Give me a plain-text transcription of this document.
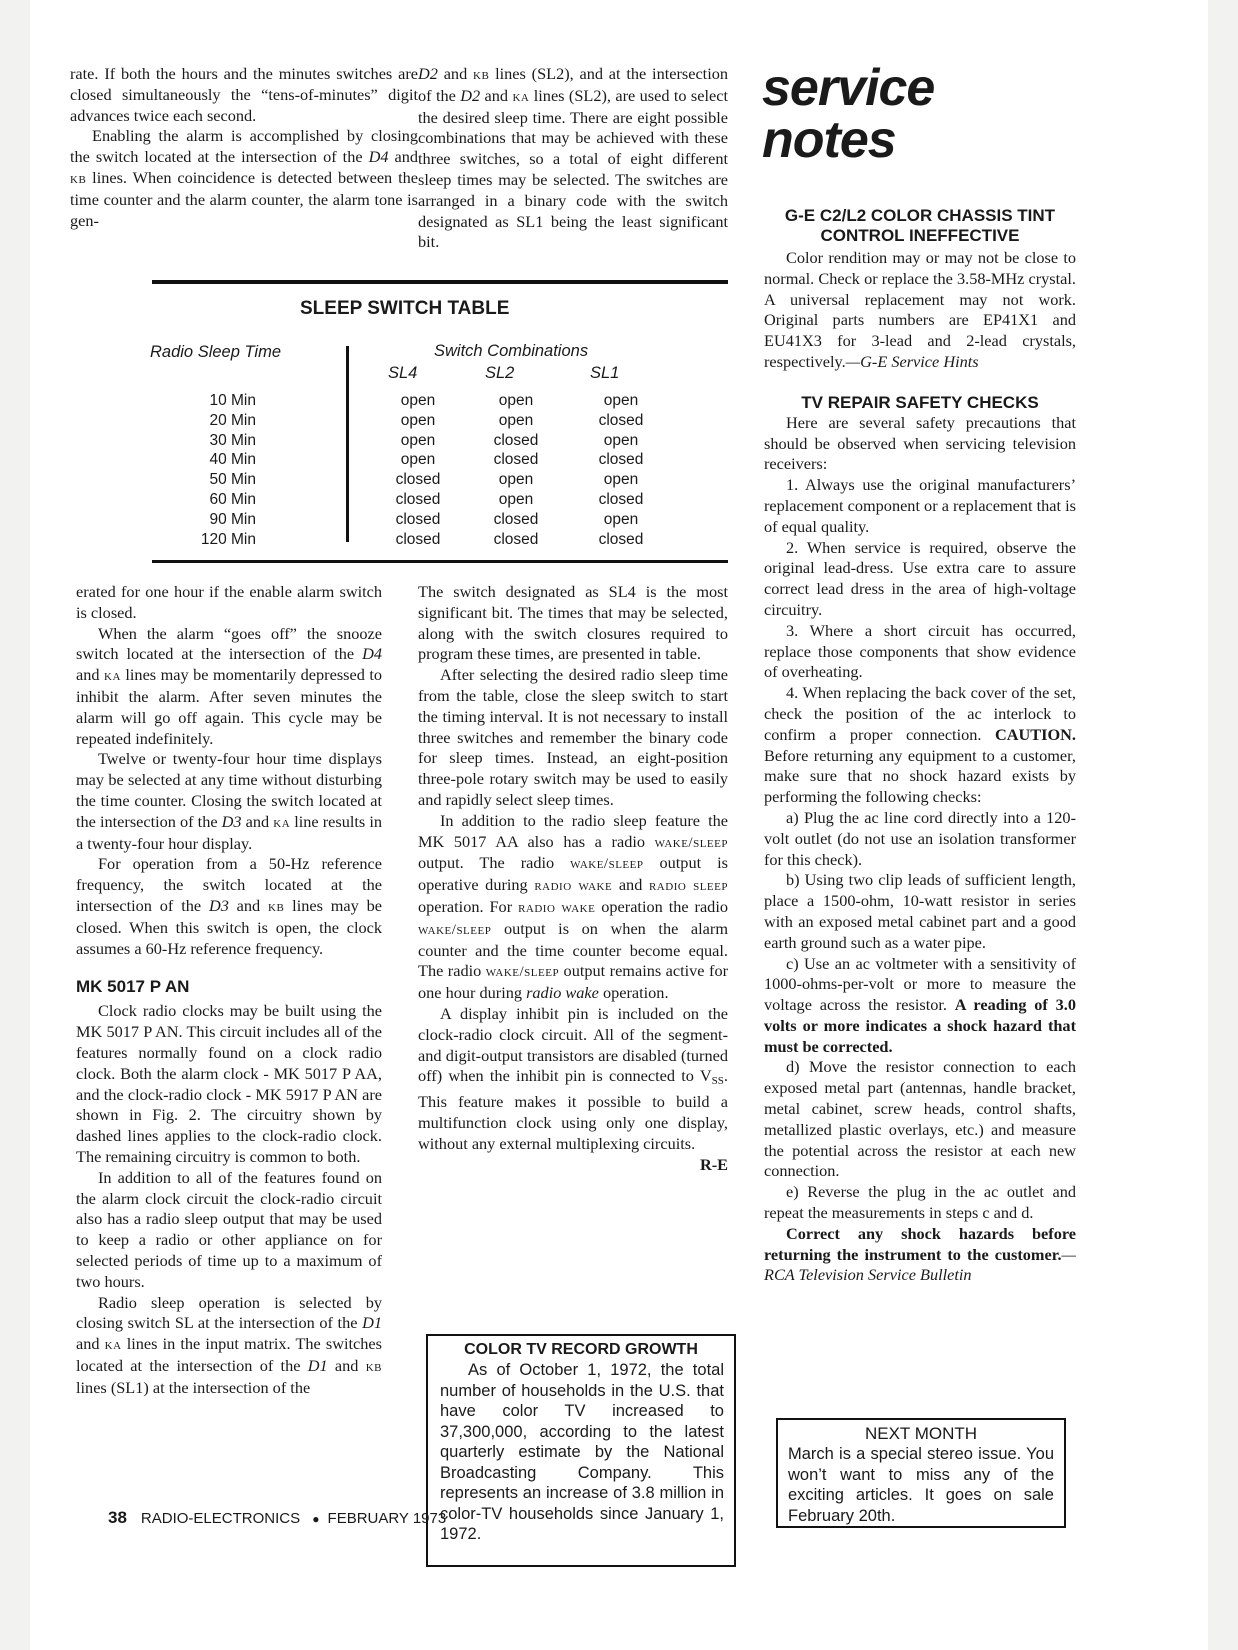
rate. If both the hours and the minutes switches are closed simultaneously the “tens-of-minutes” digit advances twice each second.

Enabling the alarm is accomplished by closing the switch located at the intersection of the D4 and kb lines. When coincidence is detected between the time counter and the alarm counter, the alarm tone is gen-

D2 and kb lines (SL2), and at the intersection of the D2 and ka lines (SL2), are used to select the desired sleep time. There are eight possible combinations that may be achieved with these three switches, so a total of eight different sleep times may be selected. The switches are arranged in a binary code with the switch designated as SL1 being the least significant bit.

SLEEP SWITCH TABLE
Radio Sleep Time	Switch Combinations
SL4	SL2	SL1
10 Min	open	open	open
20 Min	open	open	closed
30 Min	open	closed	open
40 Min	open	closed	closed
50 Min	closed	open	open
60 Min	closed	open	closed
90 Min	closed	closed	open
120 Min	closed	closed	closed

erated for one hour if the enable alarm switch is closed.

When the alarm “goes off” the snooze switch located at the intersection of the D4 and ka lines may be momentarily depressed to inhibit the alarm. After seven minutes the alarm will go off again. This cycle may be repeated indefinitely.

Twelve or twenty-four hour time displays may be selected at any time without disturbing the time counter. Closing the switch located at the intersection of the D3 and ka line results in a twenty-four hour display.

For operation from a 50-Hz reference frequency, the switch located at the intersection of the D3 and kb lines may be closed. When this switch is open, the clock assumes a 60-Hz reference frequency.

MK 5017 P AN

Clock radio clocks may be built using the MK 5017 P AN. This circuit includes all of the features normally found on a clock radio clock. Both the alarm clock - MK 5017 P AA, and the clock-radio clock - MK 5917 P AN are shown in Fig. 2. The circuitry shown by dashed lines applies to the clock-radio clock. The remaining circuitry is common to both.

In addition to all of the features found on the alarm clock circuit the clock-radio circuit also has a radio sleep output that may be used to keep a radio or other appliance on for selected periods of time up to a maximum of two hours.

Radio sleep operation is selected by closing switch SL at the intersection of the D1 and ka lines in the input matrix. The switches located at the intersection of the D1 and kb lines (SL1) at the intersection of the

The switch designated as SL4 is the most significant bit. The times that may be selected, along with the switch closures required to program these times, are presented in table.

After selecting the desired radio sleep time from the table, close the sleep switch to start the timing interval. It is not necessary to install three switches and remember the binary code for sleep times. Instead, an eight-position three-pole rotary switch may be used to easily and rapidly select sleep times.

In addition to the radio sleep feature the MK 5017 AA also has a radio wake/sleep output. The radio wake/sleep output is operative during radio wake and radio sleep operation. For radio wake operation the radio wake/sleep output is on when the alarm counter and the time counter become equal. The radio wake/sleep output remains active for one hour during radio wake operation.

A display inhibit pin is included on the clock-radio clock circuit. All of the segment- and digit-output transistors are disabled (turned off) when the inhibit pin is connected to $V_{SS}$. This feature makes it possible to build a multifunction clock using only one display, without any external multiplexing circuits.
R-E

COLOR TV RECORD GROWTH
As of October 1, 1972, the total number of households in the U.S. that have color TV increased to 37,300,000, according to the latest quarterly estimate by the National Broadcasting Company. This represents an increase of 3.8 million in color-TV households since January 1, 1972.
service
notes
G-E C2/L2 COLOR CHASSIS TINT CONTROL INEFFECTIVE

Color rendition may or may not be close to normal. Check or replace the 3.58-MHz crystal. A universal replacement may not work. Original parts numbers are EP41X1 and EU41X3 for 3-lead and 2-lead crystals, respectively.—G-E Service Hints

TV REPAIR SAFETY CHECKS

Here are several safety precautions that should be observed when servicing television receivers:

1. Always use the original manufacturers’ replacement component or a replacement that is of equal quality.

2. When service is required, observe the original lead-dress. Use extra care to assure correct lead dress in the area of high-voltage circuitry.

3. Where a short circuit has occurred, replace those components that show evidence of overheating.

4. When replacing the back cover of the set, check the position of the ac interlock to confirm a proper connection. CAUTION. Before returning any equipment to a customer, make sure that no shock hazard exists by performing the following checks:

a) Plug the ac line cord directly into a 120-volt outlet (do not use an isolation transformer for this check).

b) Using two clip leads of sufficient length, place a 1500-ohm, 10-watt resistor in series with an exposed metal cabinet part and a good earth ground such as a water pipe.

c) Use an ac voltmeter with a sensitivity of 1000-ohms-per-volt or more to measure the voltage across the resistor. A reading of 3.0 volts or more indicates a shock hazard that must be corrected.

d) Move the resistor connection to each exposed metal part (antennas, handle bracket, metal cabinet, screw heads, control shafts, metallized plastic overlays, etc.) and measure the potential across the resistor at each new connection.

e) Reverse the plug in the ac outlet and repeat the measurements in steps c and d.

Correct any shock hazards before returning the instrument to the customer.—RCA Television Service Bulletin

NEXT MONTH
March is a special stereo issue. You won’t want to miss any of the exciting articles. It goes on sale February 20th.
38 RADIO-ELECTRONICS ● FEBRUARY 1973
